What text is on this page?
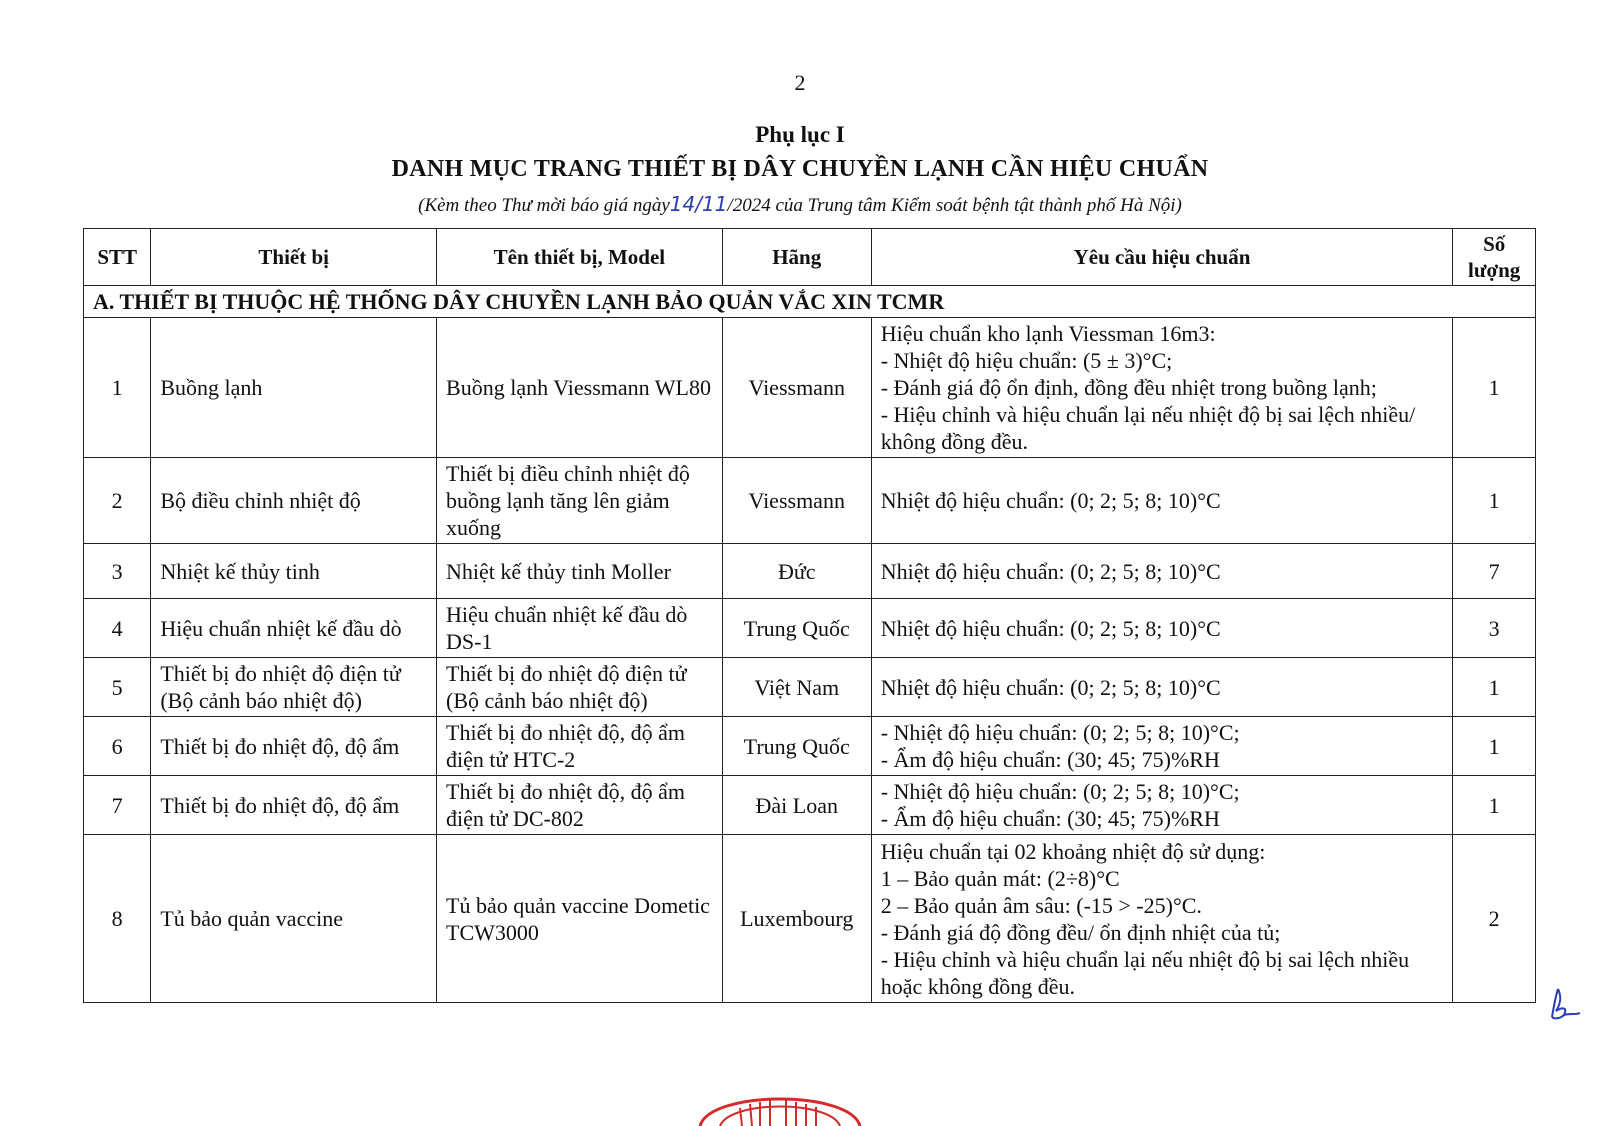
2
Phụ lục I
DANH MỤC TRANG THIẾT BỊ DÂY CHUYỀN LẠNH CẦN HIỆU CHUẨN
(Kèm theo Thư mời báo giá ngày14/11/2024 của Trung tâm Kiểm soát bệnh tật thành phố Hà Nội)
STT	Thiết bị	Tên thiết bị, Model	Hãng	Yêu cầu hiệu chuẩn	Số lượng
A. THIẾT BỊ THUỘC HỆ THỐNG DÂY CHUYỀN LẠNH BẢO QUẢN VẮC XIN TCMR					
1	Buồng lạnh	Buồng lạnh Viessmann WL80	Viessmann	Hiệu chuẩn kho lạnh Viessman 16m3:
- Nhiệt độ hiệu chuẩn: (5 ± 3)°C;
- Đánh giá độ ổn định, đồng đều nhiệt trong buồng lạnh;
- Hiệu chỉnh và hiệu chuẩn lại nếu nhiệt độ bị sai lệch nhiều/ không đồng đều.	1
2	Bộ điều chỉnh nhiệt độ	Thiết bị điều chỉnh nhiệt độ buồng lạnh tăng lên giảm xuống	Viessmann	Nhiệt độ hiệu chuẩn: (0; 2; 5; 8; 10)°C	1
3	Nhiệt kế thủy tinh	Nhiệt kế thủy tinh Moller	Đức	Nhiệt độ hiệu chuẩn: (0; 2; 5; 8; 10)°C	7
4	Hiệu chuẩn nhiệt kế đầu dò	Hiệu chuẩn nhiệt kế đầu dò DS-1	Trung Quốc	Nhiệt độ hiệu chuẩn: (0; 2; 5; 8; 10)°C	3
5	Thiết bị đo nhiệt độ điện tử (Bộ cảnh báo nhiệt độ)	Thiết bị đo nhiệt độ điện tử (Bộ cảnh báo nhiệt độ)	Việt Nam	Nhiệt độ hiệu chuẩn: (0; 2; 5; 8; 10)°C	1
6	Thiết bị đo nhiệt độ, độ ẩm	Thiết bị đo nhiệt độ, độ ẩm điện tử HTC-2	Trung Quốc	- Nhiệt độ hiệu chuẩn: (0; 2; 5; 8; 10)°C;
- Ẩm độ hiệu chuẩn: (30; 45; 75)%RH	1
7	Thiết bị đo nhiệt độ, độ ẩm	Thiết bị đo nhiệt độ, độ ẩm điện tử DC-802	Đài Loan	- Nhiệt độ hiệu chuẩn: (0; 2; 5; 8; 10)°C;
- Ẩm độ hiệu chuẩn: (30; 45; 75)%RH	1
8	Tủ bảo quản vaccine	Tủ bảo quản vaccine Dometic TCW3000	Luxembourg	Hiệu chuẩn tại 02 khoảng nhiệt độ sử dụng:
1 – Bảo quản mát: (2÷8)°C
2 – Bảo quản âm sâu: (-15 > -25)°C.
- Đánh giá độ đồng đều/ ổn định nhiệt của tủ;
- Hiệu chỉnh và hiệu chuẩn lại nếu nhiệt độ bị sai lệch nhiều hoặc không đồng đều.	2
